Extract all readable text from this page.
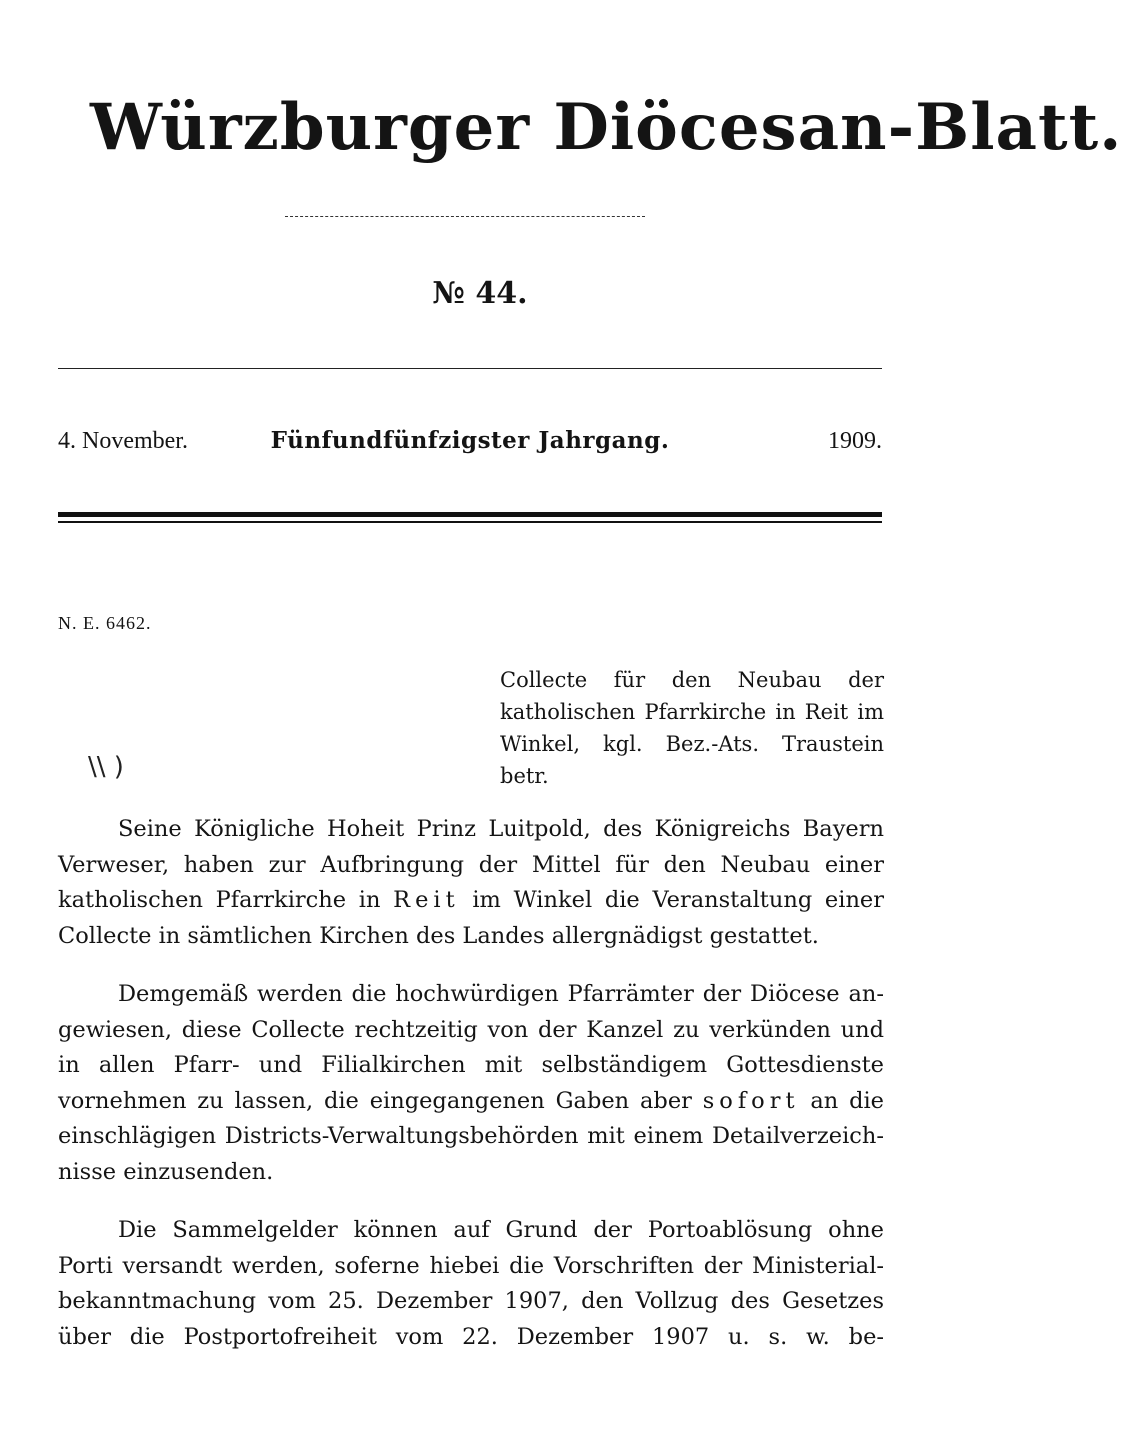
Würzburger Diöcesan-Blatt.
№ 44.
4. November.	Fünfundfünfzigster Jahrgang.	1909.
N. E. 6462.
Collecte für den Neubau der
katholischen Pfarrkirche in Reit im
Winkel, kgl. Bez.-Ats. Traustein
betr.
\\ )
Seine Königliche Hoheit Prinz Luitpold, des Königreichs Bayern
Verweser, haben zur Aufbringung der Mittel für den Neubau einer
katholischen Pfarrkirche in Reit im Winkel die Veranstaltung einer
Collecte in sämtlichen Kirchen des Landes allergnädigst gestattet.
Demgemäß werden die hochwürdigen Pfarrämter der Diöcese an-
gewiesen, diese Collecte rechtzeitig von der Kanzel zu verkünden und
in allen Pfarr- und Filialkirchen mit selbständigem Gottesdienste
vornehmen zu lassen, die eingegangenen Gaben aber sofort an die
einschlägigen Districts-Verwaltungsbehörden mit einem Detailverzeich-
nisse einzusenden.
Die Sammelgelder können auf Grund der Portoablösung ohne
Porti versandt werden, soferne hiebei die Vorschriften der Ministerial-
bekanntmachung vom 25. Dezember 1907, den Vollzug des Gesetzes
über die Postportofreiheit vom 22. Dezember 1907 u. s. w. be-
